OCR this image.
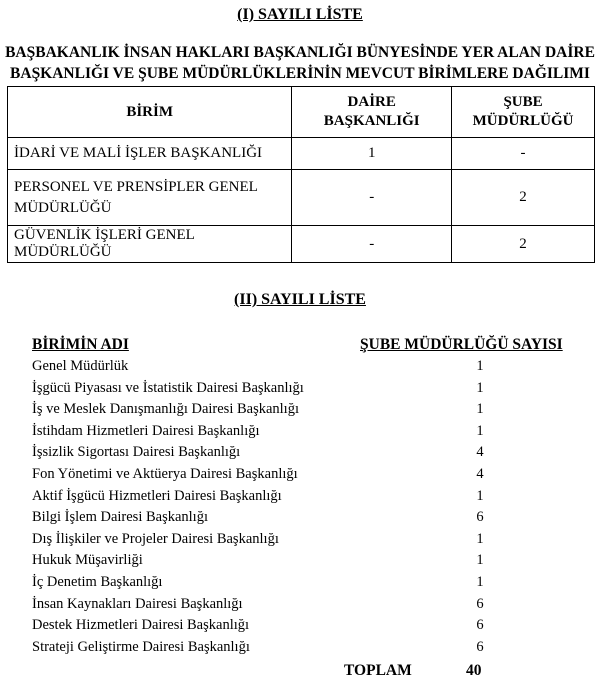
(I) SAYILI LİSTE
BAŞBAKANLIK İNSAN HAKLARI BAŞKANLIĞI BÜNYESİNDE YER ALAN DAİRE
BAŞKANLIĞI VE ŞUBE MÜDÜRLÜKLERİNİN MEVCUT BİRİMLERE DAĞILIMI
BİRİM	DAİRE BAŞKANLIĞI	ŞUBE
MÜDÜRLÜĞÜ

İDARİ VE MALİ İŞLER BAŞKANLIĞI	1	-

PERSONEL VE PRENSİPLER GENEL
MÜDÜRLÜĞÜ	-	2
GÜVENLİK İŞLERİ GENEL MÜDÜRLÜĞÜ	-	2
(II) SAYILI LİSTE
BİRİMİN ADI	ŞUBE MÜDÜRLÜĞÜ SAYISI
Genel Müdürlük	1
İşgücü Piyasası ve İstatistik Dairesi Başkanlığı	1
İş ve Meslek Danışmanlığı Dairesi Başkanlığı	1
İstihdam Hizmetleri Dairesi Başkanlığı	1
İşsizlik Sigortası Dairesi Başkanlığı	4
Fon Yönetimi ve Aktüerya Dairesi Başkanlığı	4
Aktif İşgücü Hizmetleri Dairesi Başkanlığı	1
Bilgi İşlem Dairesi Başkanlığı	6
Dış İlişkiler ve Projeler Dairesi Başkanlığı	1
Hukuk Müşavirliği	1
İç Denetim Başkanlığı	1
İnsan Kaynakları Dairesi Başkanlığı	6
Destek Hizmetleri Dairesi Başkanlığı	6
Strateji Geliştirme Dairesi Başkanlığı	6
TOPLAM	40
